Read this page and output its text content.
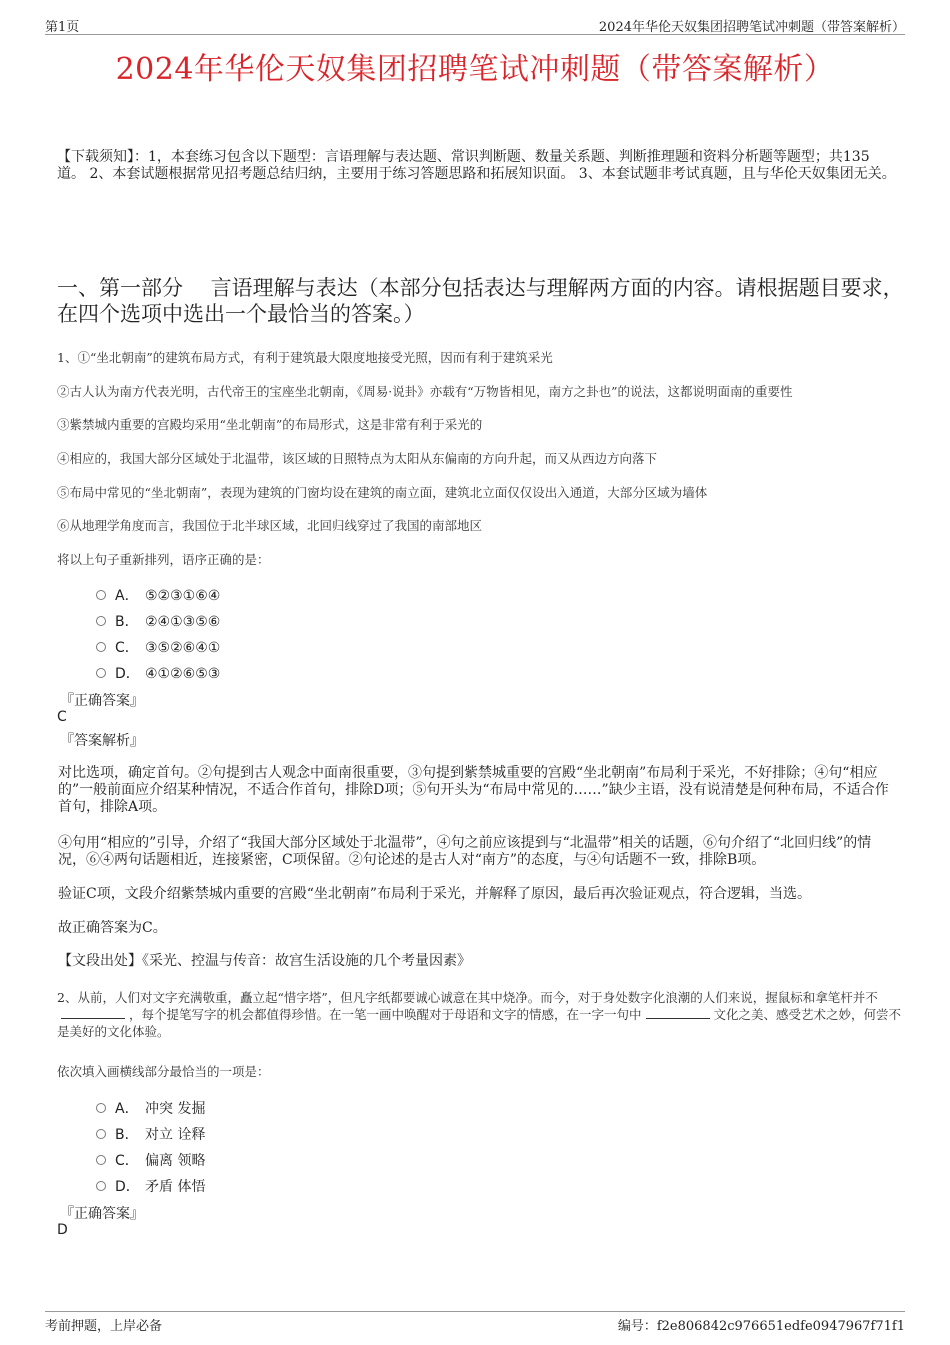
第1页	2024年华伦天奴集团招聘笔试冲刺题（带答案解析）
2024年华伦天奴集团招聘笔试冲刺题（带答案解析）
【下载须知】：1，本套练习包含以下题型：言语理解与表达题、常识判断题、数量关系题、判断推理题和资料分析题等题型；共135道。 2、本套试题根据常见招考题总结归纳，主要用于练习答题思路和拓展知识面。 3、本套试题非考试真题，且与华伦天奴集团无关。
一、第一部分　 言语理解与表达（本部分包括表达与理解两方面的内容。请根据题目要求，在四个选项中选出一个最恰当的答案。）
1、①“坐北朝南”的建筑布局方式，有利于建筑最大限度地接受光照，因而有利于建筑采光
②古人认为南方代表光明，古代帝王的宝座坐北朝南，《周易·说卦》亦载有“万物皆相见，南方之卦也”的说法，这都说明面南的重要性
③紫禁城内重要的宫殿均采用“坐北朝南”的布局形式，这是非常有利于采光的
④相应的，我国大部分区域处于北温带，该区域的日照特点为太阳从东偏南的方向升起，而又从西边方向落下
⑤布局中常见的“坐北朝南”，表现为建筑的门窗均设在建筑的南立面，建筑北立面仅仅设出入通道，大部分区域为墙体
⑥从地理学角度而言，我国位于北半球区域，北回归线穿过了我国的南部地区
将以上句子重新排列，语序正确的是：
A． ⑤②③①⑥④
B． ②④①③⑤⑥
C． ③⑤②⑥④①
D． ④①②⑥⑤③
『正确答案』
C
『答案解析』
对比选项，确定首句。②句提到古人观念中面南很重要，③句提到紫禁城重要的宫殿“坐北朝南”布局利于采光，不好排除；④句“相应的”一般前面应介绍某种情况，不适合作首句，排除D项；⑤句开头为“布局中常见的……”缺少主语，没有说清楚是何种布局，不适合作首句，排除A项。
④句用“相应的”引导，介绍了“我国大部分区域处于北温带”，④句之前应该提到与“北温带”相关的话题，⑥句介绍了“北回归线”的情况，⑥④两句话题相近，连接紧密，C项保留。②句论述的是古人对“南方”的态度，与④句话题不一致，排除B项。
验证C项，文段介绍紫禁城内重要的宫殿“坐北朝南”布局利于采光，并解释了原因，最后再次验证观点，符合逻辑，当选。
故正确答案为C。
【文段出处】《采光、控温与传音：故宫生活设施的几个考量因素》
2、从前，人们对文字充满敬重，矗立起“惜字塔”，但凡字纸都要诚心诚意在其中烧净。而今，对于身处数字化浪潮的人们来说，握鼠标和拿笔杆并不，每个提笔写字的机会都值得珍惜。在一笔一画中唤醒对于母语和文字的情感，在一字一句中	文化之美、感受艺术之妙，何尝不是美好的文化体验。
依次填入画横线部分最恰当的一项是：
A． 冲突 发掘
B． 对立 诠释
C． 偏离 领略
D． 矛盾 体悟
『正确答案』
D
考前押题，上岸必备	编号：f2e806842c976651edfe0947967f71f1
